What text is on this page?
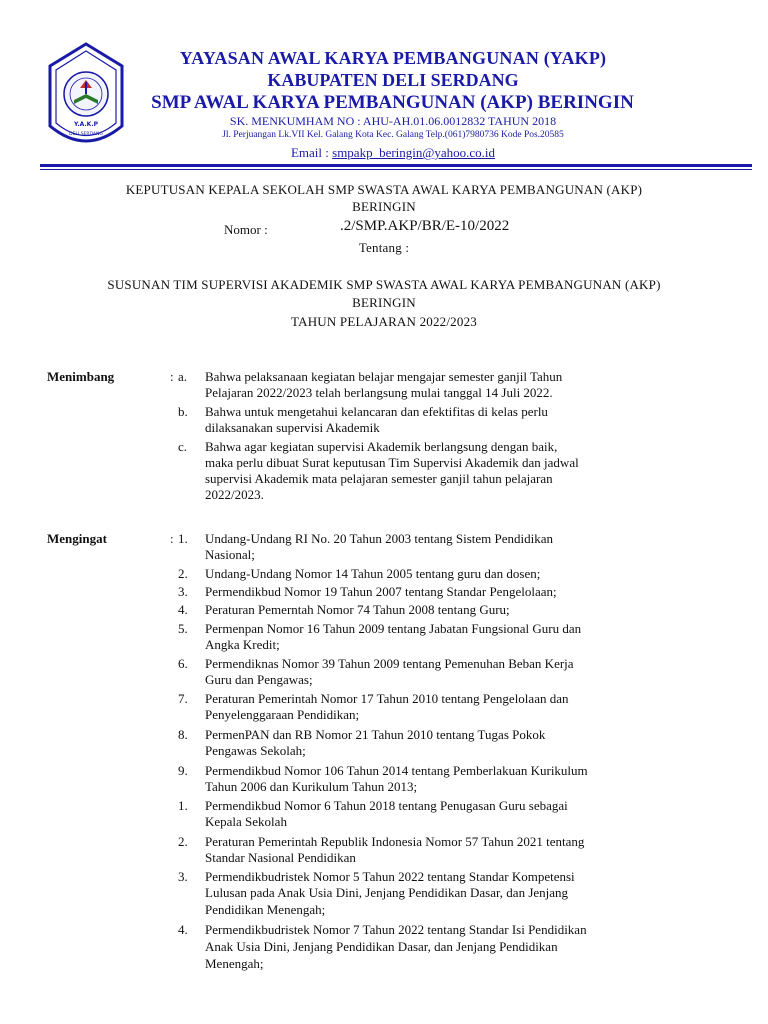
Y.A.K.P
DELI SERDANG
YAYASAN AWAL KARYA PEMBANGUNAN (YAKP)
KABUPATEN DELI SERDANG
SMP AWAL KARYA PEMBANGUNAN (AKP) BERINGIN
SK. MENKUMHAM NO : AHU-AH.01.06.0012832 TAHUN 2018
Jl. Perjuangan Lk.VII Kel. Galang Kota Kec. Galang Telp.(061)7980736 Kode Pos.20585
Email : smpakp_beringin@yahoo.co.id
KEPUTUSAN KEPALA SEKOLAH SMP SWASTA AWAL KARYA PEMBANGUNAN (AKP)
BERINGIN
Nomor :	.2/SMP.AKP/BR/E-10/2022
Tentang :
SUSUNAN TIM SUPERVISI AKADEMIK SMP SWASTA AWAL KARYA PEMBANGUNAN (AKP)
BERINGIN
TAHUN PELAJARAN 2022/2023
Menimbang	: a.	Bahwa pelaksanaan kegiatan belajar mengajar semester ganjil Tahun
Pelajaran 2022/2023 telah berlangsung mulai tanggal 14 Juli 2022.
b.	Bahwa untuk mengetahui kelancaran dan efektifitas di kelas perlu
dilaksanakan supervisi Akademik
c.	Bahwa agar kegiatan supervisi Akademik berlangsung dengan baik,
maka perlu dibuat Surat keputusan Tim Supervisi Akademik dan jadwal
supervisi Akademik mata pelajaran semester ganjil tahun pelajaran
2022/2023.
Mengingat	: 1.	Undang-Undang RI No. 20 Tahun 2003 tentang Sistem Pendidikan
Nasional;
2.	Undang-Undang Nomor 14 Tahun 2005 tentang guru dan dosen;
3.	Permendikbud Nomor 19 Tahun 2007 tentang Standar Pengelolaan;
4.	Peraturan Pemerntah Nomor 74 Tahun 2008 tentang Guru;
5.	Permenpan Nomor 16 Tahun 2009 tentang Jabatan Fungsional Guru dan
Angka Kredit;
6.	Permendiknas Nomor 39 Tahun 2009 tentang Pemenuhan Beban Kerja
Guru dan Pengawas;
7.	Peraturan Pemerintah Nomor 17 Tahun 2010 tentang Pengelolaan dan
Penyelenggaraan Pendidikan;
8.	PermenPAN dan RB Nomor 21 Tahun 2010 tentang Tugas Pokok
Pengawas Sekolah;
9.	Permendikbud Nomor 106 Tahun 2014 tentang Pemberlakuan Kurikulum
Tahun 2006 dan Kurikulum Tahun 2013;
1.	Permendikbud Nomor 6 Tahun 2018 tentang Penugasan Guru sebagai
Kepala Sekolah
2.	Peraturan Pemerintah Republik Indonesia Nomor 57 Tahun 2021 tentang
Standar Nasional Pendidikan
3.	Permendikbudristek Nomor 5 Tahun 2022 tentang Standar Kompetensi
Lulusan pada Anak Usia Dini, Jenjang Pendidikan Dasar, dan Jenjang
Pendidikan Menengah;
4.	Permendikbudristek Nomor 7 Tahun 2022 tentang Standar Isi Pendidikan
Anak Usia Dini, Jenjang Pendidikan Dasar, dan Jenjang Pendidikan
Menengah;
